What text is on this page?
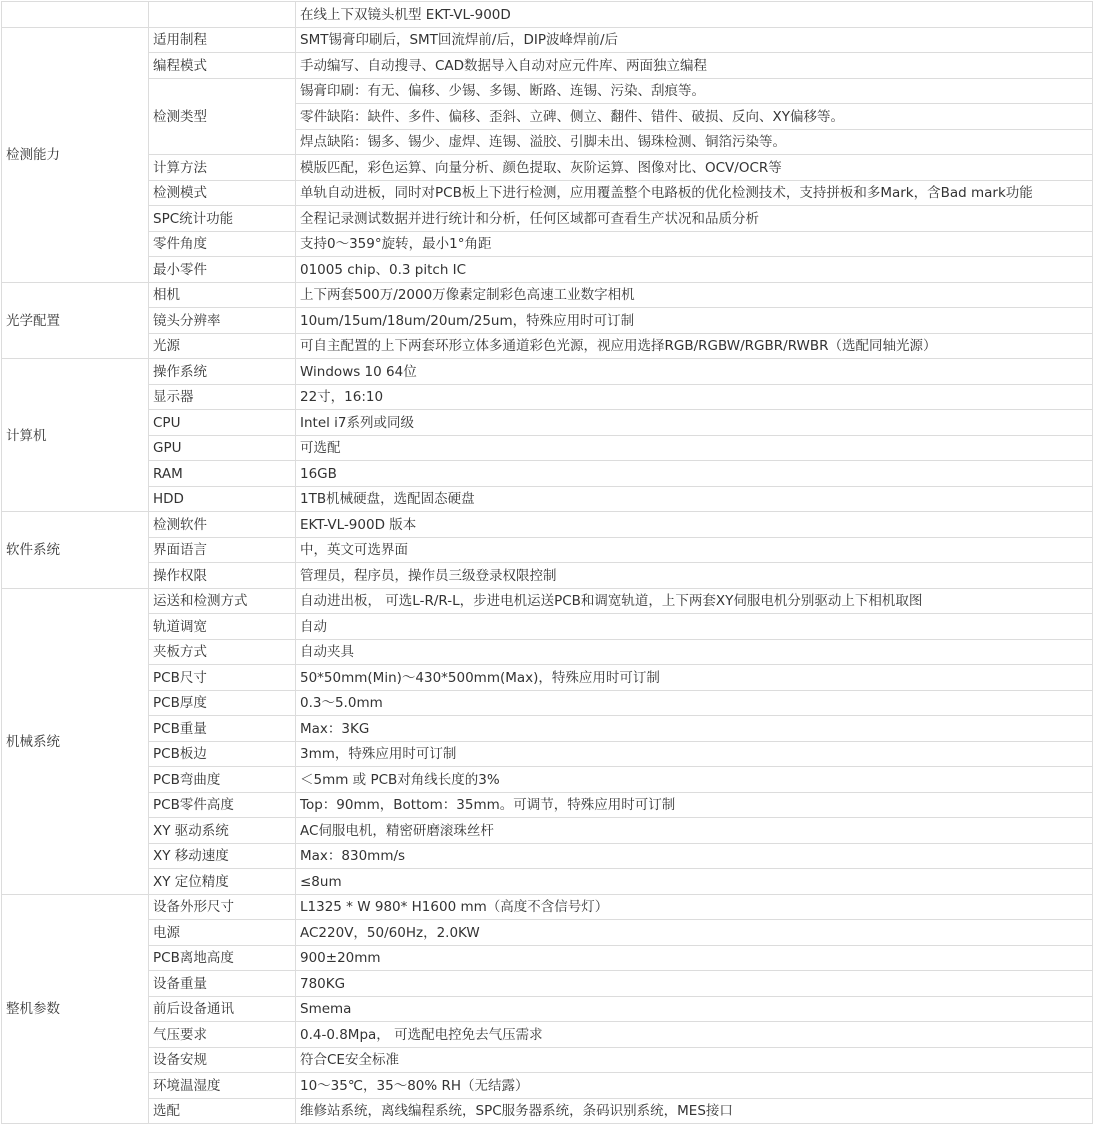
		在线上下双镜头机型 EKT-VL-900D
检测能力	适用制程	SMT锡膏印刷后，SMT回流焊前/后，DIP波峰焊前/后
	编程模式	手动编写、自动搜寻、CAD数据导入自动对应元件库、两面独立编程
	检测类型	锡膏印刷：有无、偏移、少锡、多锡、断路、连锡、污染、刮痕等。
		零件缺陷：缺件、多件、偏移、歪斜、立碑、侧立、翻件、错件、破损、反向、XY偏移等。
		焊点缺陷：锡多、锡少、虚焊、连锡、溢胶、引脚未出、锡珠检测、铜箔污染等。
	计算方法	模版匹配，彩色运算、向量分析、颜色提取、灰阶运算、图像对比、OCV/OCR等
	检测模式	单轨自动进板，同时对PCB板上下进行检测，应用覆盖整个电路板的优化检测技术，支持拼板和多Mark，含Bad mark功能
	SPC统计功能	全程记录测试数据并进行统计和分析，任何区域都可查看生产状况和品质分析
	零件角度	支持0～359°旋转，最小1°角距
	最小零件	01005 chip、0.3 pitch IC
光学配置	相机	上下两套500万/2000万像素定制彩色高速工业数字相机
	镜头分辨率	10um/15um/18um/20um/25um，特殊应用时可订制
	光源	可自主配置的上下两套环形立体多通道彩色光源，视应用选择RGB/RGBW/RGBR/RWBR（选配同轴光源）
计算机	操作系统	Windows 10 64位
	显示器	22寸，16:10
	CPU	Intel i7系列或同级
	GPU	可选配
	RAM	16GB
	HDD	1TB机械硬盘，选配固态硬盘
软件系统	检测软件	EKT-VL-900D 版本
	界面语言	中，英文可选界面
	操作权限	管理员，程序员，操作员三级登录权限控制
机械系统	运送和检测方式	自动进出板， 可选L-R/R-L，步进电机运送PCB和调宽轨道，上下两套XY伺服电机分别驱动上下相机取图
	轨道调宽	自动
	夹板方式	自动夹具
	PCB尺寸	50*50mm(Min)～430*500mm(Max)，特殊应用时可订制
	PCB厚度	0.3～5.0mm
	PCB重量	Max：3KG
	PCB板边	3mm，特殊应用时可订制
	PCB弯曲度	＜5mm 或 PCB对角线长度的3%
	PCB零件高度	Top：90mm，Bottom：35mm。可调节，特殊应用时可订制
	XY 驱动系统	AC伺服电机，精密研磨滚珠丝杆
	XY 移动速度	Max：830mm/s
	XY 定位精度	≤8um
整机参数	设备外形尺寸	L1325 * W 980* H1600 mm（高度不含信号灯）
	电源	AC220V，50/60Hz，2.0KW
	PCB离地高度	900±20mm
	设备重量	780KG
	前后设备通讯	Smema
	气压要求	0.4-0.8Mpa， 可选配电控免去气压需求
	设备安规	符合CE安全标准
	环境温湿度	10～35℃，35～80% RH（无结露）
	选配	维修站系统，离线编程系统，SPC服务器系统，条码识别系统，MES接口
